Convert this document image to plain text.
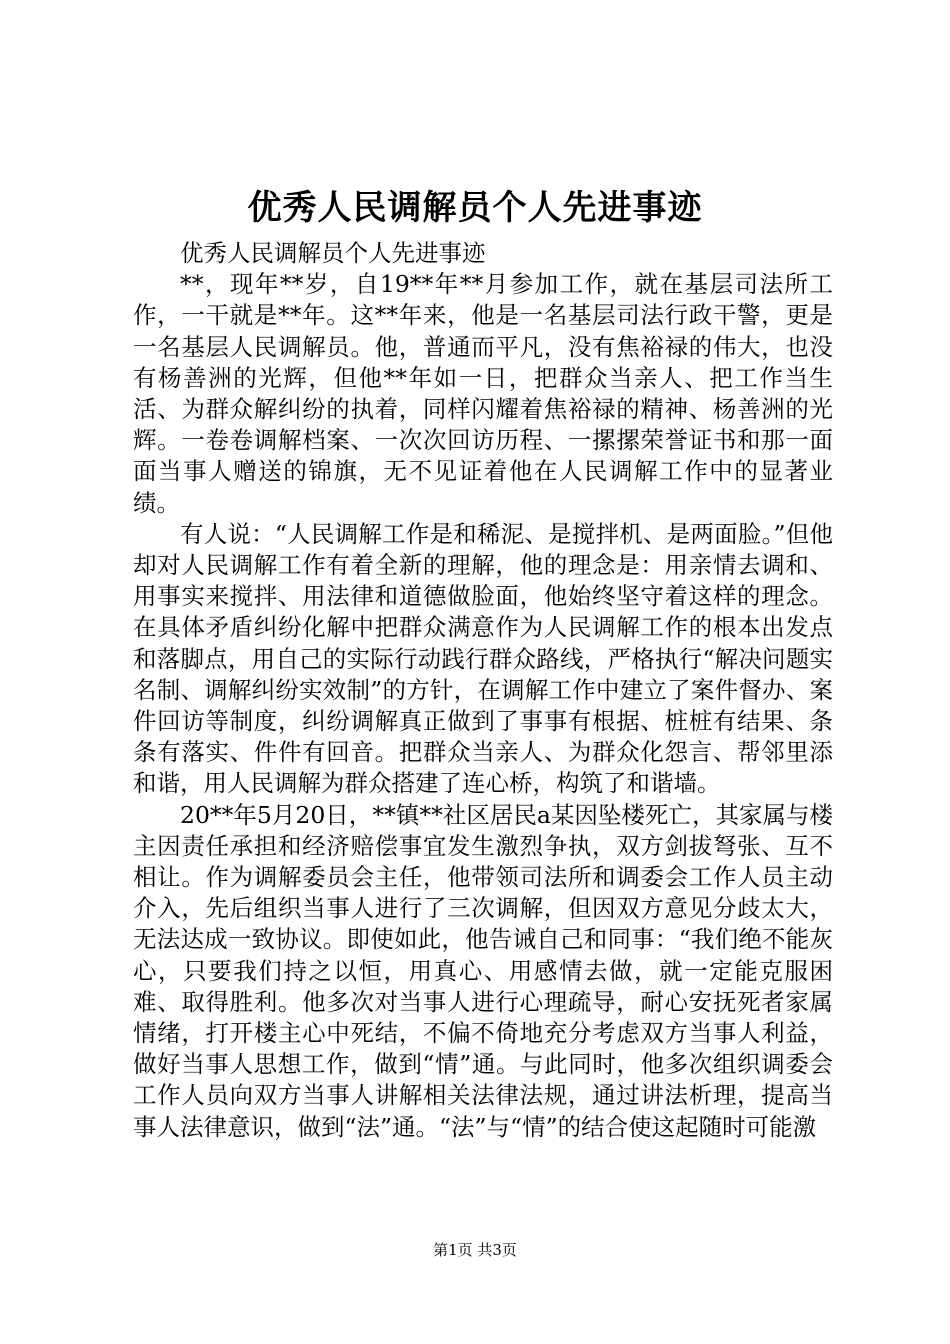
优秀人民调解员个人先进事迹

优秀人民调解员个人先进事迹

**，现年**岁，自19**年**月参加工作，就在基层司法所工作，一干就是**年。这**年来，他是一名基层司法行政干警，更是一名基层人民调解员。他，普通而平凡，没有焦裕禄的伟大，也没有杨善洲的光辉，但他**年如一日，把群众当亲人、把工作当生活、为群众解纠纷的执着，同样闪耀着焦裕禄的精神、杨善洲的光辉。一卷卷调解档案、一次次回访历程、一摞摞荣誉证书和那一面面当事人赠送的锦旗，无不见证着他在人民调解工作中的显著业绩。

有人说：“人民调解工作是和稀泥、是搅拌机、是两面脸。”但他却对人民调解工作有着全新的理解，他的理念是：用亲情去调和、用事实来搅拌、用法律和道德做脸面，他始终坚守着这样的理念。在具体矛盾纠纷化解中把群众满意作为人民调解工作的根本出发点和落脚点，用自己的实际行动践行群众路线，严格执行“解决问题实名制、调解纠纷实效制”的方针，在调解工作中建立了案件督办、案件回访等制度，纠纷调解真正做到了事事有根据、桩桩有结果、条条有落实、件件有回音。把群众当亲人、为群众化怨言、帮邻里添和谐，用人民调解为群众搭建了连心桥，构筑了和谐墙。

20**年5月20日，**镇**社区居民a某因坠楼死亡，其家属与楼主因责任承担和经济赔偿事宜发生激烈争执，双方剑拔弩张、互不相让。作为调解委员会主任，他带领司法所和调委会工作人员主动介入，先后组织当事人进行了三次调解，但因双方意见分歧太大，无法达成一致协议。即使如此，他告诫自己和同事：“我们绝不能灰心，只要我们持之以恒，用真心、用感情去做，就一定能克服困难、取得胜利。他多次对当事人进行心理疏导，耐心安抚死者家属情绪，打开楼主心中死结，不偏不倚地充分考虑双方当事人利益，做好当事人思想工作，做到“情”通。与此同时，他多次组织调委会工作人员向双方当事人讲解相关法律法规，通过讲法析理，提高当事人法律意识，做到“法”通。“法”与“情”的结合使这起随时可能激

第1页 共3页
